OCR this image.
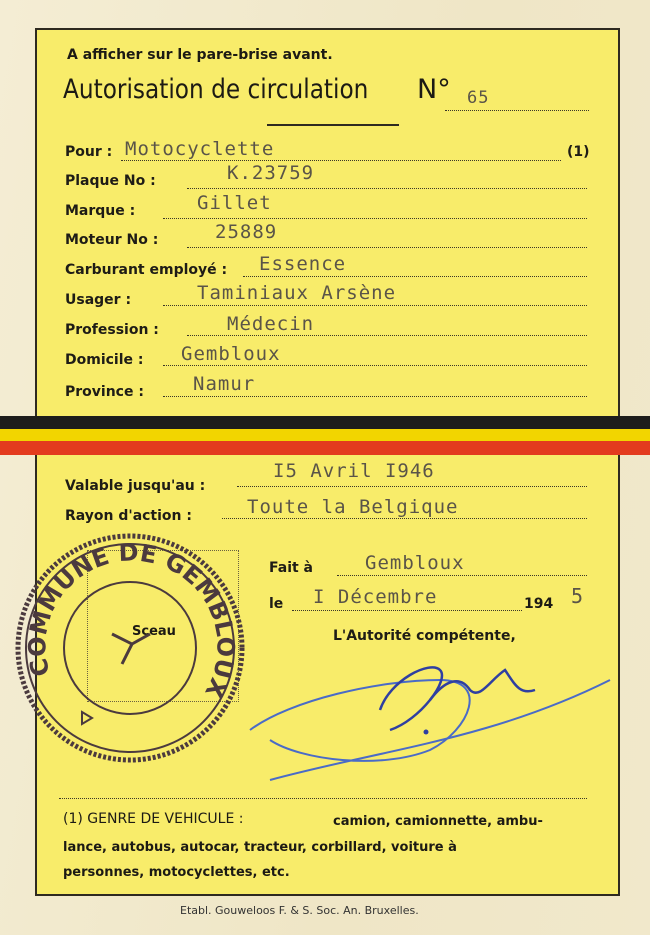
A afficher sur le pare-brise avant.
Autorisation de circulation N° 65
Pour : Motocyclette	(1)
Plaque No :	K.23759
Marque :	Gillet
Moteur No :	25889
Carburant employé : Essence
Usager :	Taminiaux Arsène
Profession :	Médecin
Domicile : Gembloux
Province :	Namur
Valable jusqu'au :
I5 Avril I946
Rayon d'action :	Toute la Belgique
Fait à	Gembloux
le I Décembre	194 5
L'Autorité compétente,
Sceau
(1) GENRE DE VEHICULE :	camion, camionnette, ambu-
lance, autobus, autocar, tracteur, corbillard, voiture à
personnes, motocyclettes, etc.
COMMUNE DE GEMBLOUX
Etabl. Gouweloos F. & S. Soc. An. Bruxelles.
